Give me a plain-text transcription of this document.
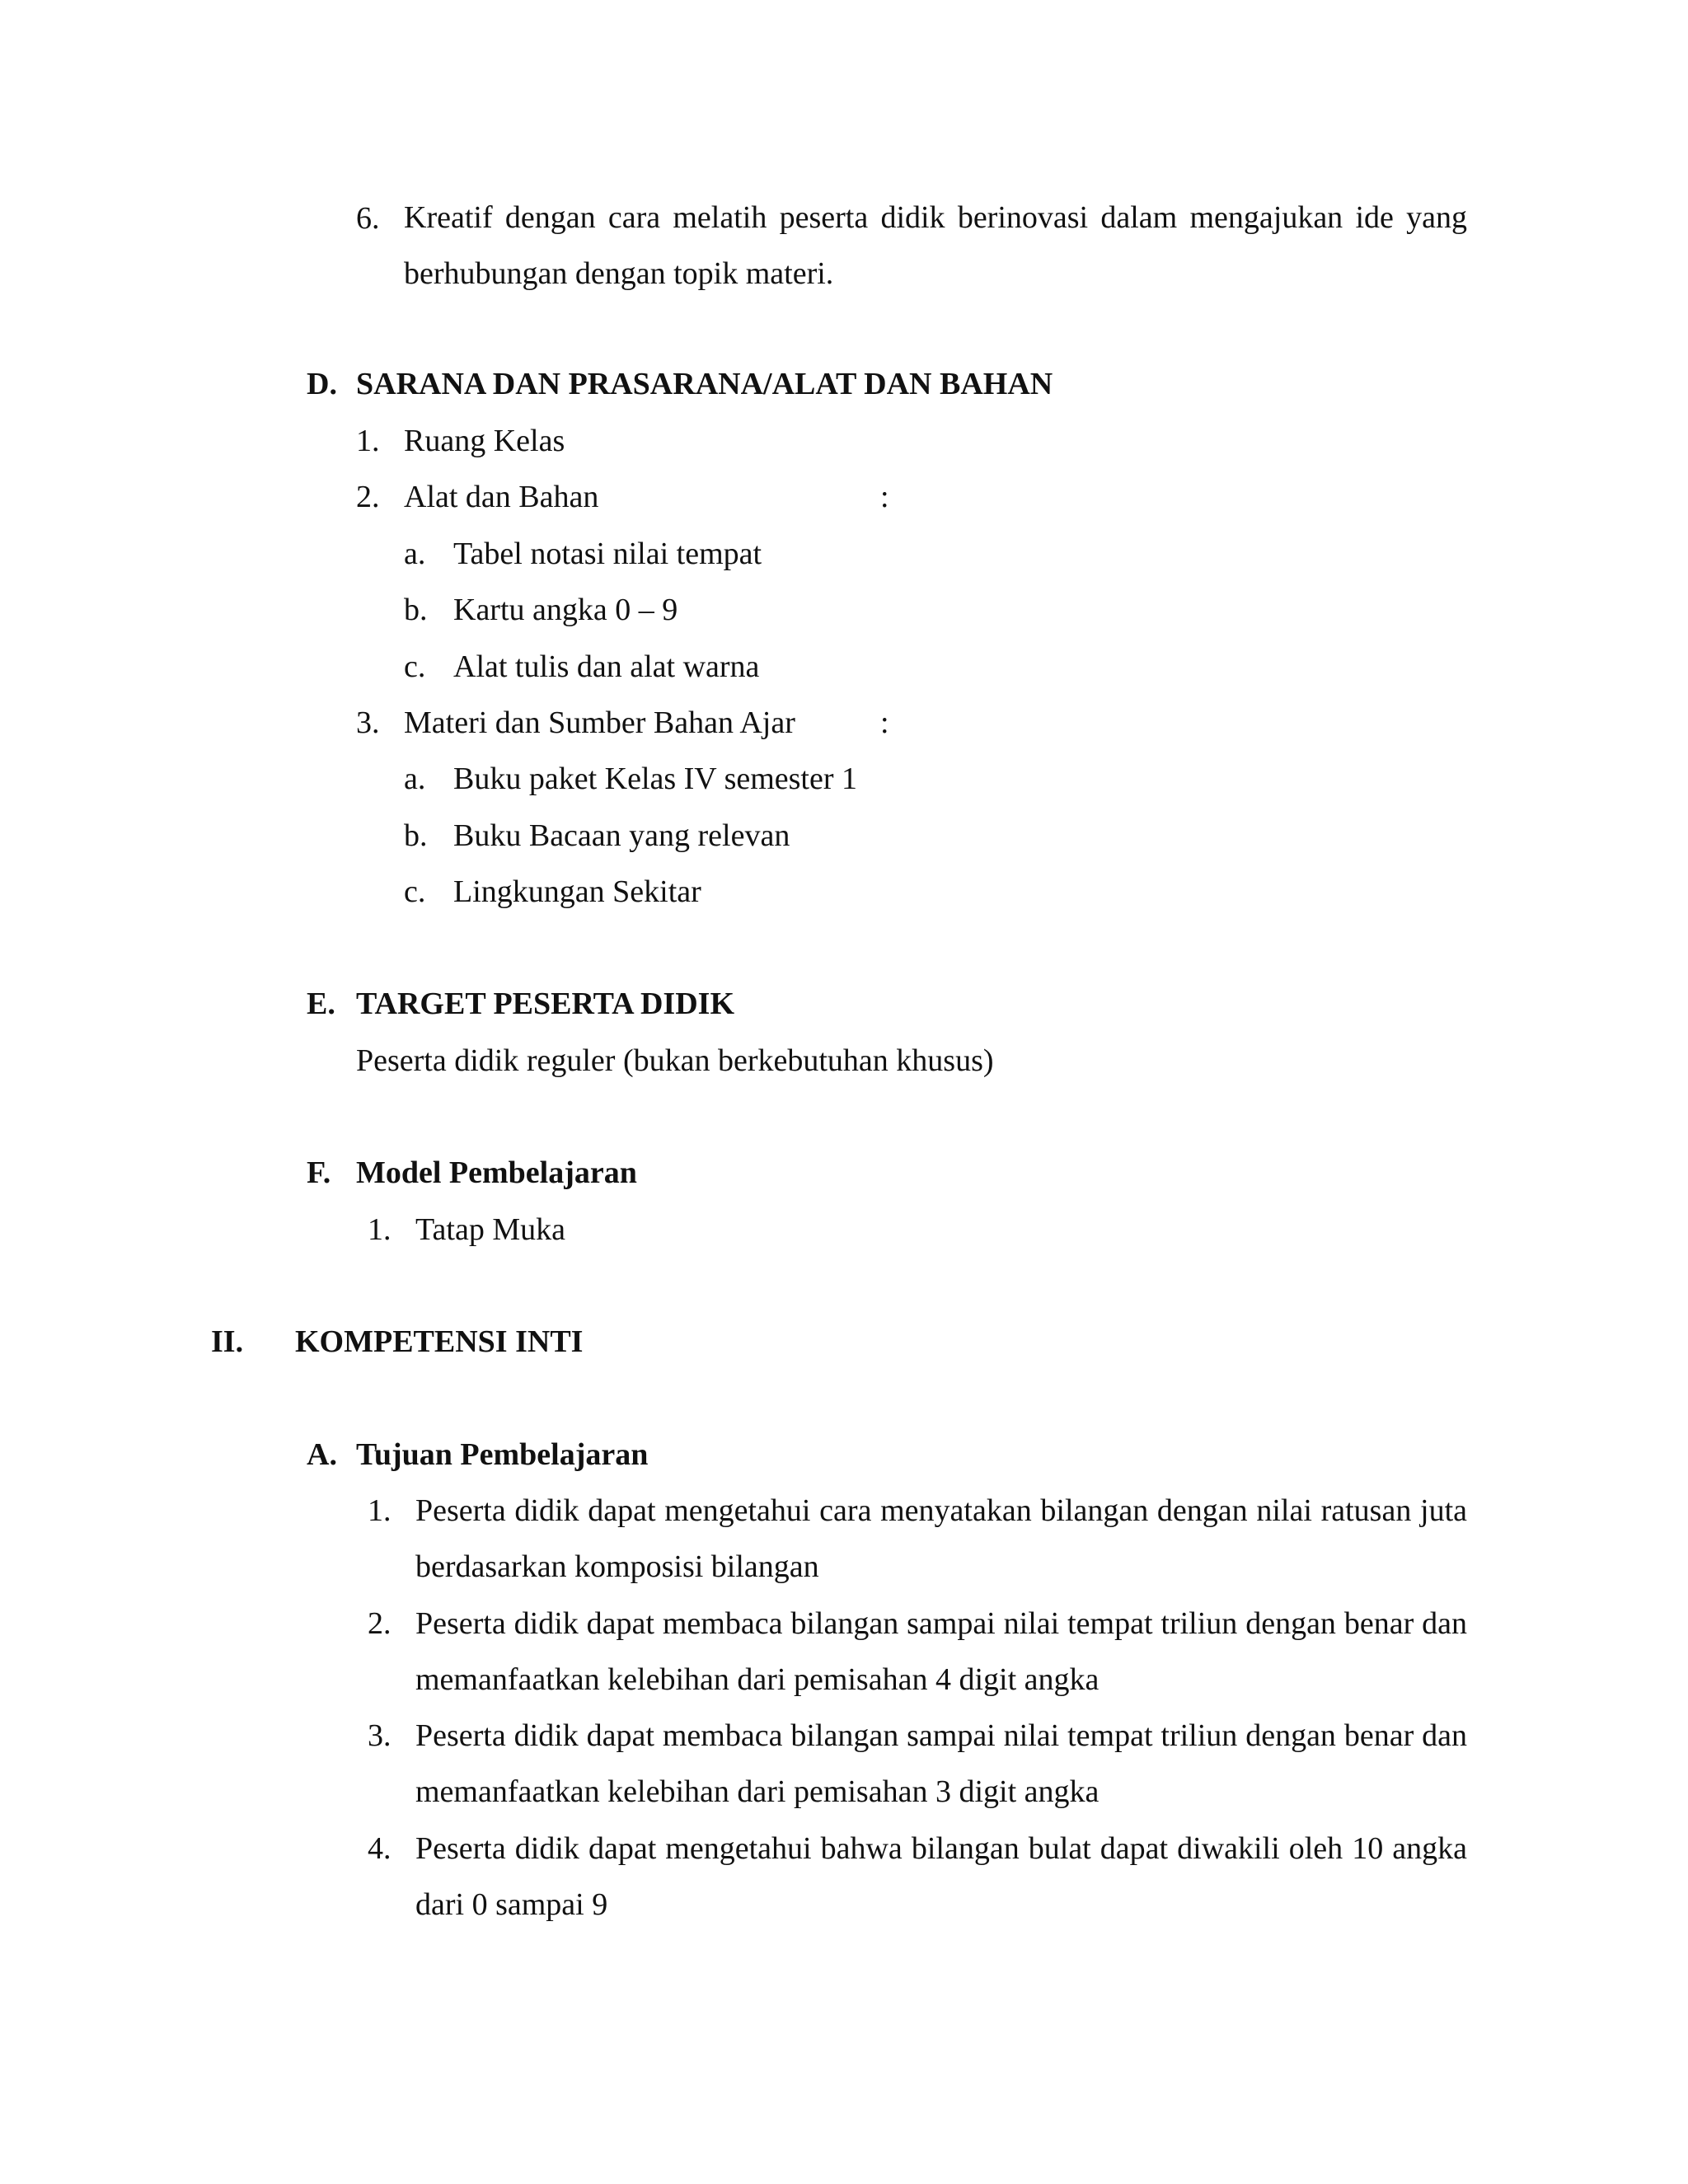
6. Kreatif dengan cara melatih peserta didik berinovasi dalam mengajukan ide yang berhubungan dengan topik materi.
D. SARANA DAN PRASARANA/ALAT DAN BAHAN
1. Ruang Kelas
2. Alat dan Bahan	:
a. Tabel notasi nilai tempat
b. Kartu angka 0 – 9
c. Alat tulis dan alat warna
3. Materi dan Sumber Bahan Ajar	:
a. Buku paket Kelas IV semester 1
b. Buku Bacaan yang relevan
c. Lingkungan Sekitar
E. TARGET PESERTA DIDIK
Peserta didik reguler (bukan berkebutuhan khusus)
F. Model Pembelajaran
1. Tatap Muka
II. KOMPETENSI INTI
A. Tujuan Pembelajaran
1. Peserta didik dapat mengetahui cara menyatakan bilangan dengan nilai ratusan juta berdasarkan komposisi bilangan
2. Peserta didik dapat membaca bilangan sampai nilai tempat triliun dengan benar dan memanfaatkan kelebihan dari pemisahan 4 digit angka
3. Peserta didik dapat membaca bilangan sampai nilai tempat triliun dengan benar dan memanfaatkan kelebihan dari pemisahan 3 digit angka
4. Peserta didik dapat mengetahui bahwa bilangan bulat dapat diwakili oleh 10 angka dari 0 sampai 9
